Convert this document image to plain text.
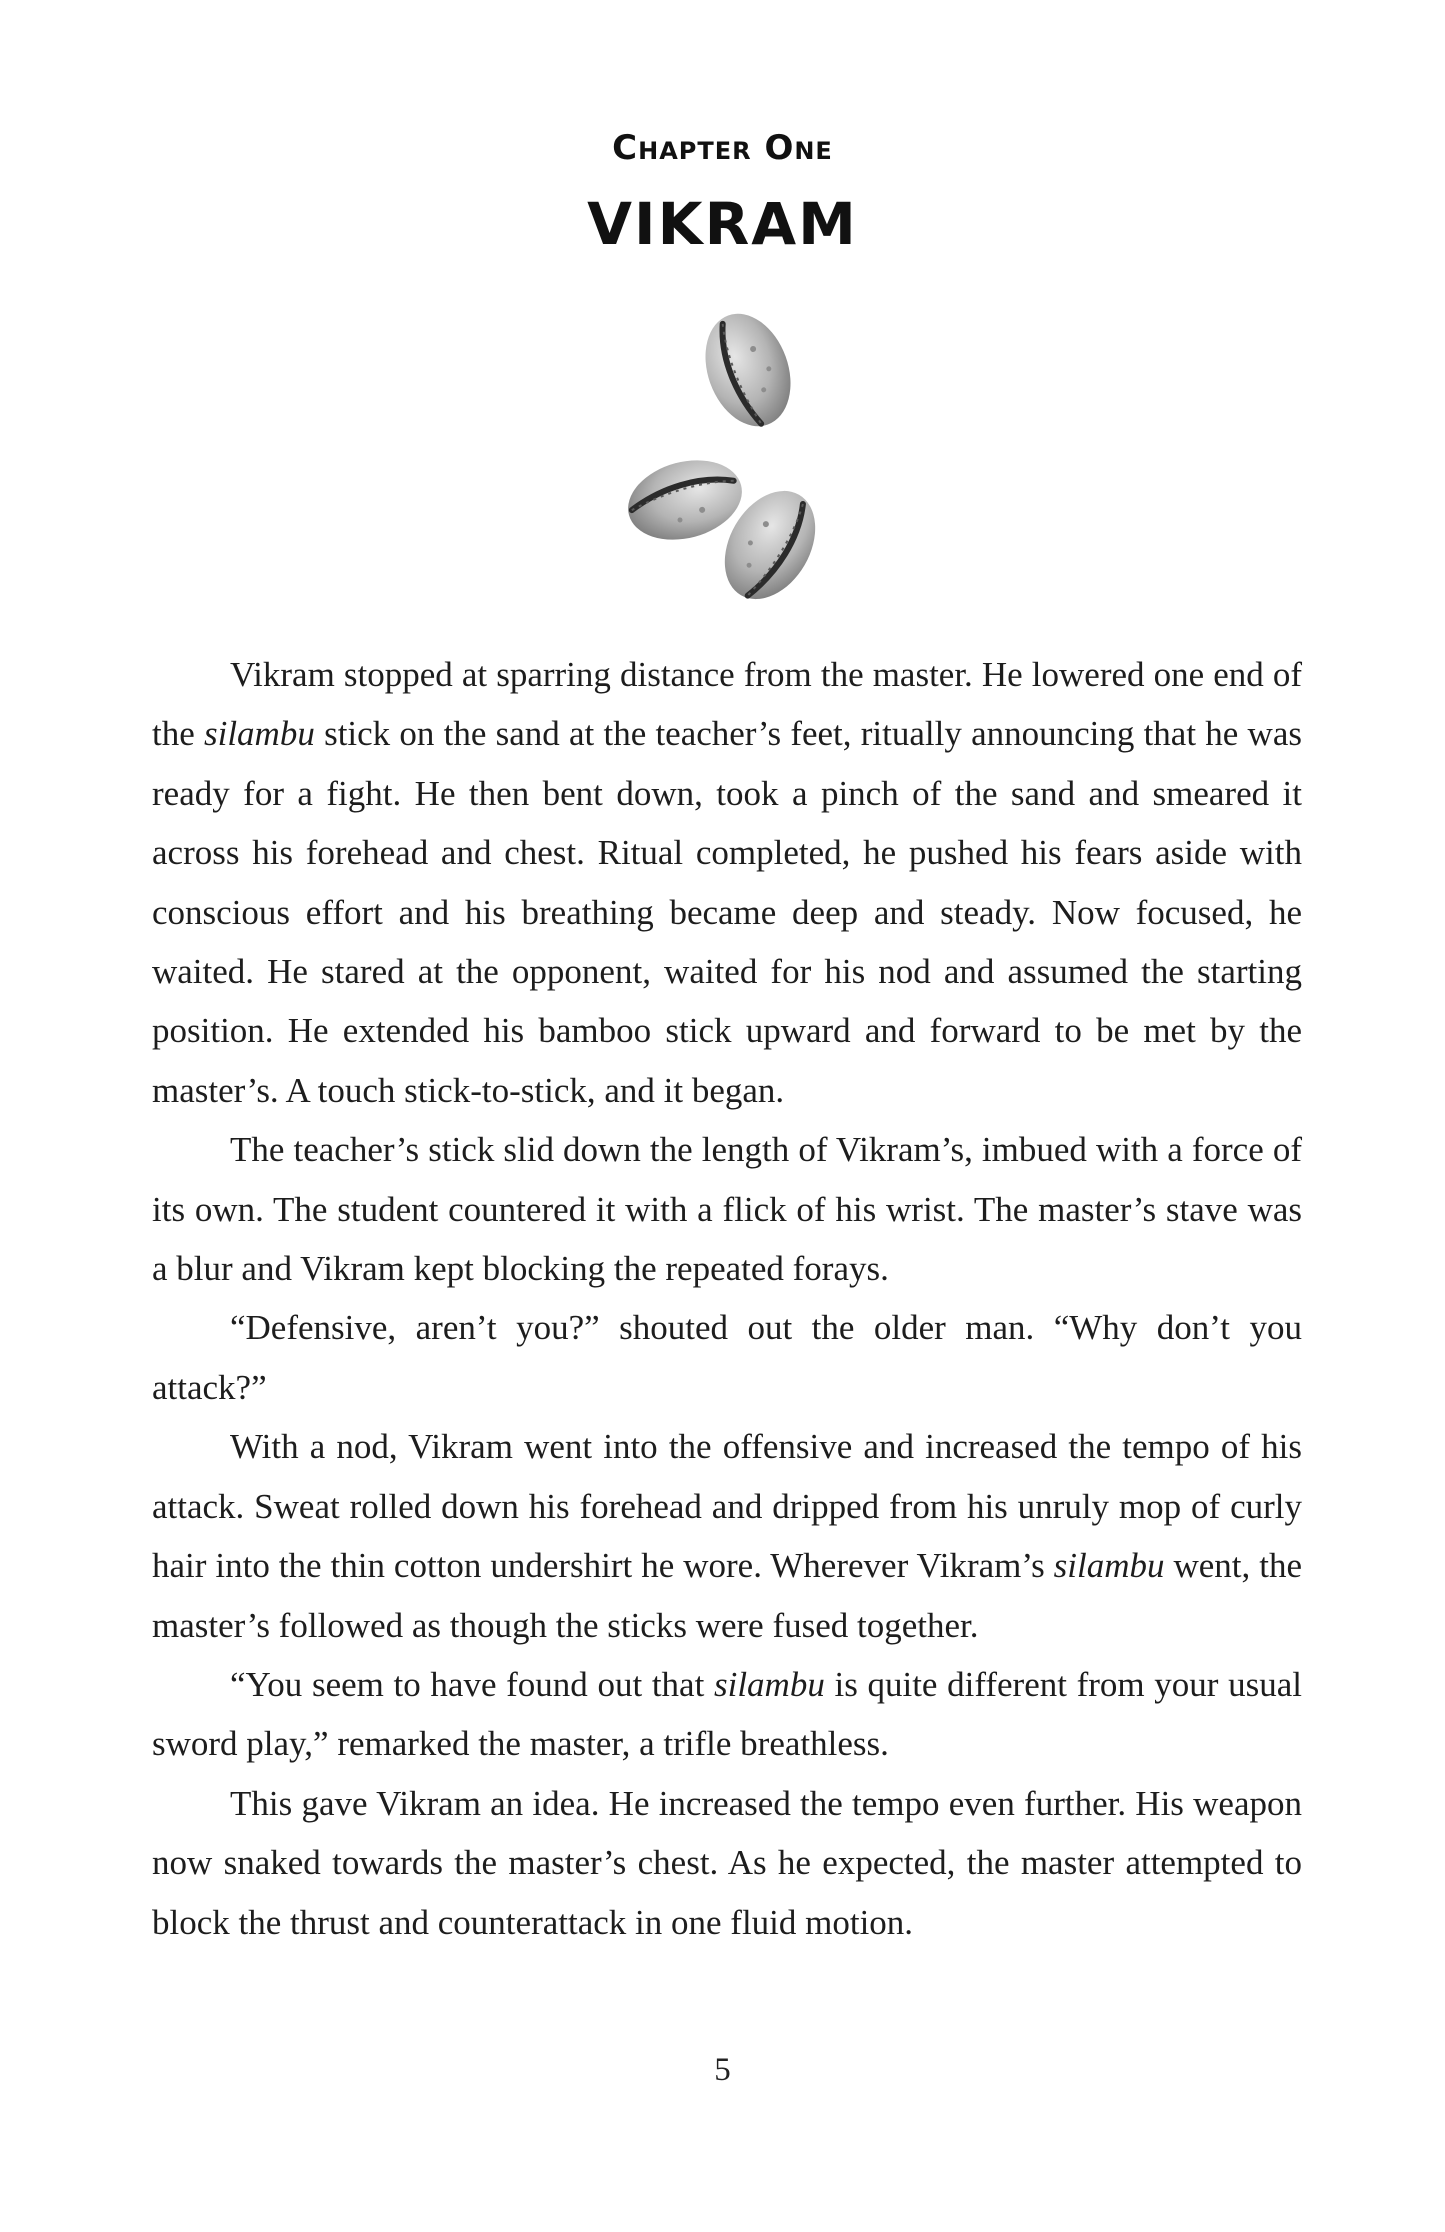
Chapter One
VIKRAM

Vikram stopped at sparring distance from the master. He lowered one end of the silambu stick on the sand at the teacher’s feet, ritually announcing that he was ready for a fight. He then bent down, took a pinch of the sand and smeared it across his forehead and chest. Ritual completed, he pushed his fears aside with conscious effort and his breathing became deep and steady. Now focused, he waited. He stared at the opponent, waited for his nod and assumed the starting position. He extended his bamboo stick upward and forward to be met by the master’s. A touch stick-to-stick, and it began.

The teacher’s stick slid down the length of Vikram’s, imbued with a force of its own. The student countered it with a flick of his wrist. The master’s stave was a blur and Vikram kept blocking the repeated forays.

“Defensive, aren’t you?” shouted out the older man. “Why don’t you attack?”

With a nod, Vikram went into the offensive and increased the tempo of his attack. Sweat rolled down his forehead and dripped from his unruly mop of curly hair into the thin cotton undershirt he wore. Wherever Vikram’s silambu went, the master’s followed as though the sticks were fused together.

“You seem to have found out that silambu is quite different from your usual sword play,” remarked the master, a trifle breathless.

This gave Vikram an idea. He increased the tempo even further. His weapon now snaked towards the master’s chest. As he expected, the master attempted to block the thrust and counterattack in one fluid motion.

5
